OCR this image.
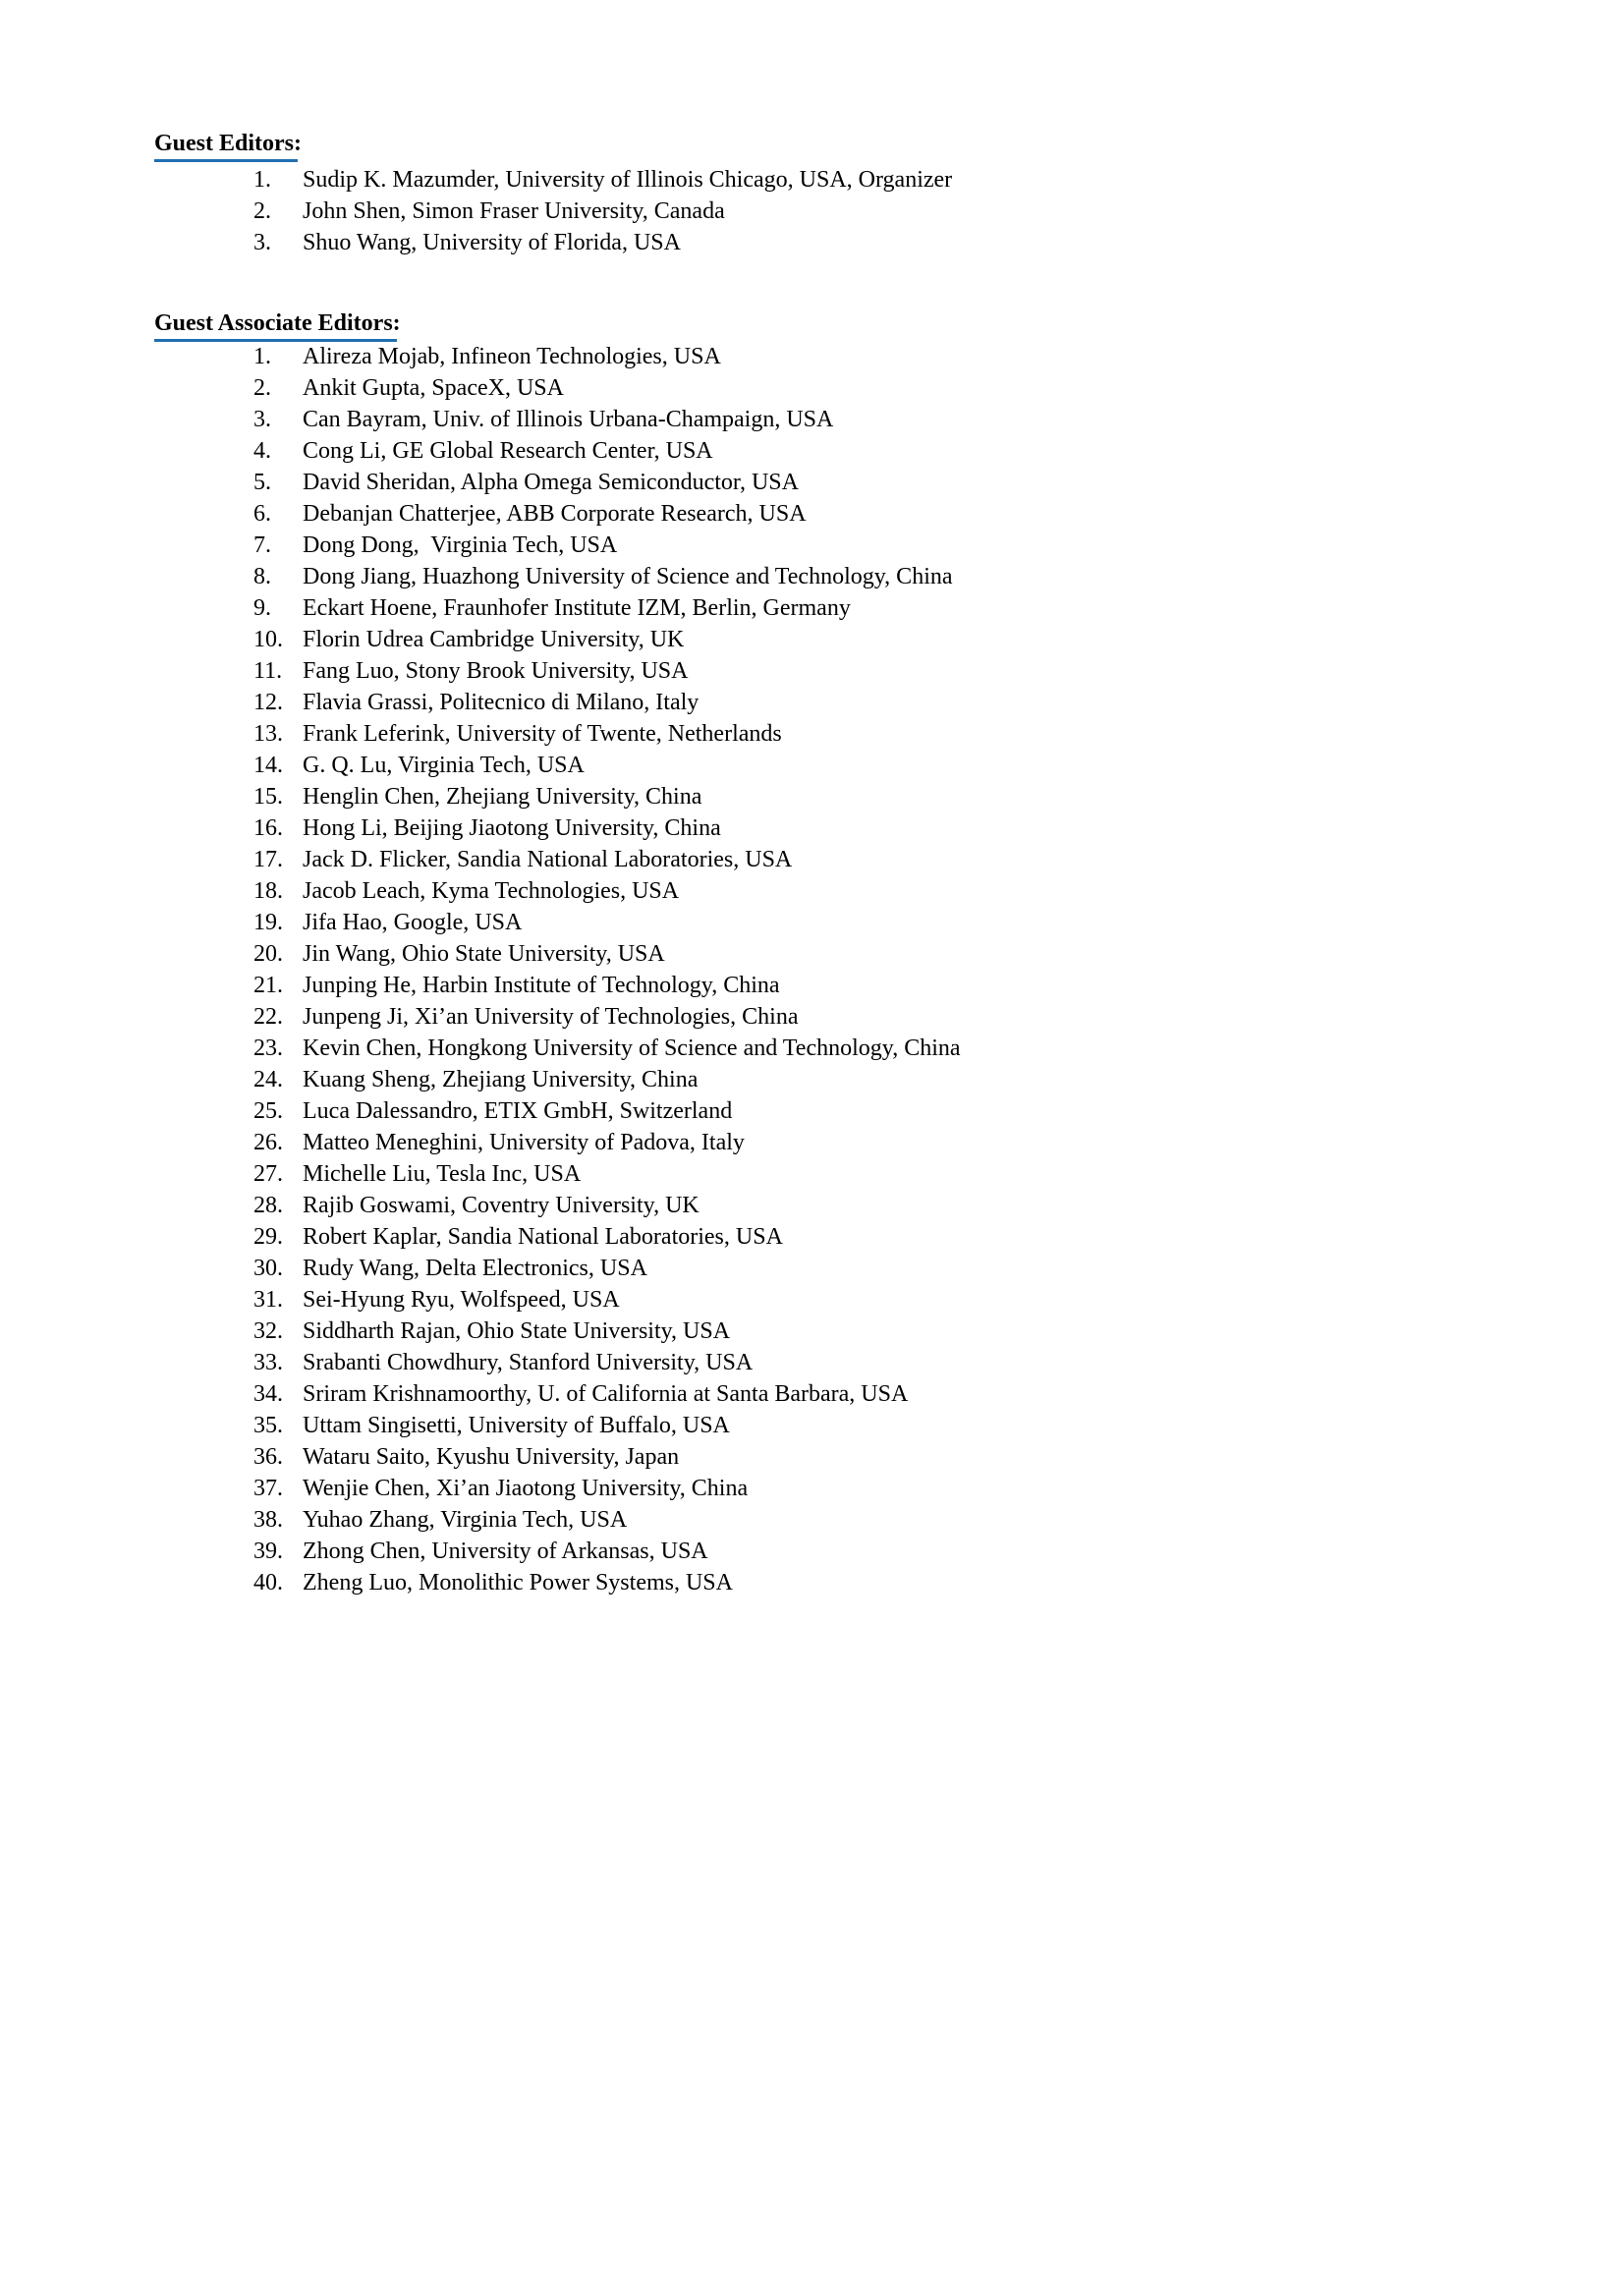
Guest Editors:
1. Sudip K. Mazumder, University of Illinois Chicago, USA, Organizer
2. John Shen, Simon Fraser University, Canada
3. Shuo Wang, University of Florida, USA
Guest Associate Editors:
1. Alireza Mojab, Infineon Technologies, USA
2. Ankit Gupta, SpaceX, USA
3. Can Bayram, Univ. of Illinois Urbana-Champaign, USA
4. Cong Li, GE Global Research Center, USA
5. David Sheridan, Alpha Omega Semiconductor, USA
6. Debanjan Chatterjee, ABB Corporate Research, USA
7. Dong Dong,  Virginia Tech, USA
8. Dong Jiang, Huazhong University of Science and Technology, China
9. Eckart Hoene, Fraunhofer Institute IZM, Berlin, Germany
10. Florin Udrea Cambridge University, UK
11. Fang Luo, Stony Brook University, USA
12. Flavia Grassi, Politecnico di Milano, Italy
13. Frank Leferink, University of Twente, Netherlands
14. G. Q. Lu, Virginia Tech, USA
15. Henglin Chen, Zhejiang University, China
16. Hong Li, Beijing Jiaotong University, China
17. Jack D. Flicker, Sandia National Laboratories, USA
18. Jacob Leach, Kyma Technologies, USA
19. Jifa Hao, Google, USA
20. Jin Wang, Ohio State University, USA
21. Junping He, Harbin Institute of Technology, China
22. Junpeng Ji, Xi’an University of Technologies, China
23. Kevin Chen, Hongkong University of Science and Technology, China
24. Kuang Sheng, Zhejiang University, China
25. Luca Dalessandro, ETIX GmbH, Switzerland
26. Matteo Meneghini, University of Padova, Italy
27. Michelle Liu, Tesla Inc, USA
28. Rajib Goswami, Coventry University, UK
29. Robert Kaplar, Sandia National Laboratories, USA
30. Rudy Wang, Delta Electronics, USA
31. Sei-Hyung Ryu, Wolfspeed, USA
32. Siddharth Rajan, Ohio State University, USA
33. Srabanti Chowdhury, Stanford University, USA
34. Sriram Krishnamoorthy, U. of California at Santa Barbara, USA
35. Uttam Singisetti, University of Buffalo, USA
36. Wataru Saito, Kyushu University, Japan
37. Wenjie Chen, Xi’an Jiaotong University, China
38. Yuhao Zhang, Virginia Tech, USA
39. Zhong Chen, University of Arkansas, USA
40. Zheng Luo, Monolithic Power Systems, USA
